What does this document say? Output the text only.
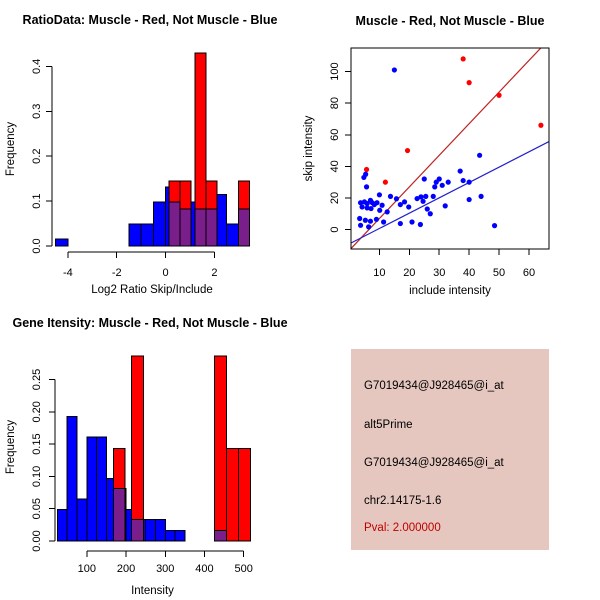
RatioData: Muscle - Red, Not Muscle - Blue
-4	-2	0	2
0.0
0.1
0.2
0.3
0.4
Log2 Ratio Skip/Include
Frequency
Muscle - Red, Not Muscle - Blue
10 20 30 40 50 60
0
20
40
60
80
100
include intensity
skip intensity
Gene Itensity: Muscle - Red, Not Muscle - Blue
100 200 300 400 500
0.00
0.05
0.10
0.15
0.20
0.25
Intensity
Frequency
G7019434@J928465@i_at
alt5Prime
G7019434@J928465@i_at
chr2.14175-1.6
Pval: 2.000000
